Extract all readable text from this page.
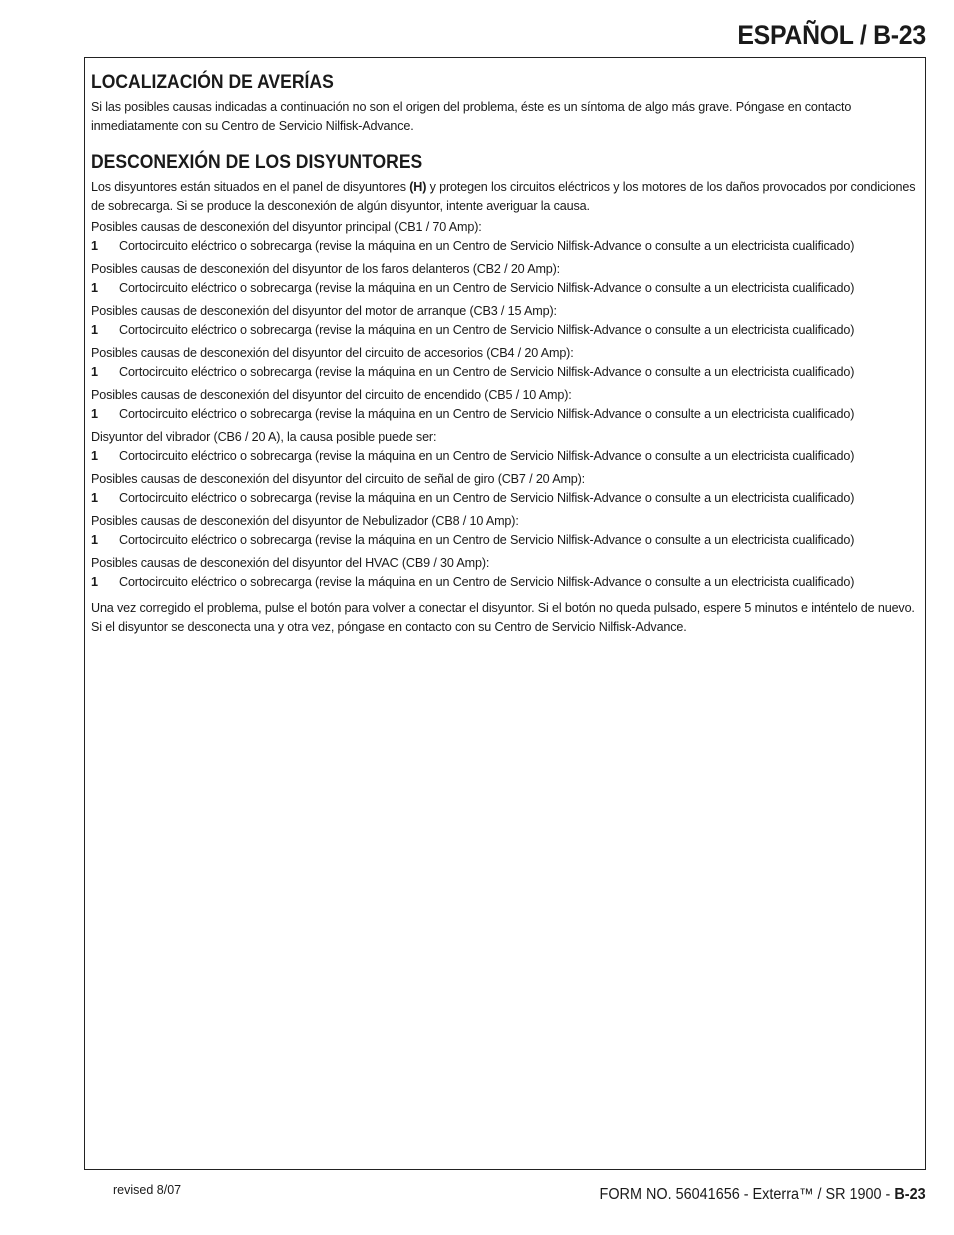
ESPAÑOL / B-23
LOCALIZACIÓN DE AVERÍAS

Si las posibles causas indicadas a continuación no son el origen del problema, éste es un síntoma de algo más grave. Póngase en contacto inmediatamente con su Centro de Servicio Nilfisk-Advance.

DESCONEXIÓN DE LOS DISYUNTORES

Los disyuntores están situados en el panel de disyuntores (H) y protegen los circuitos eléctricos y los motores de los daños provocados por condiciones de sobrecarga. Si se produce la desconexión de algún disyuntor, intente averiguar la causa.

Posibles causas de desconexión del disyuntor principal (CB1 / 70 Amp):
1	Cortocircuito eléctrico o sobrecarga (revise la máquina en un Centro de Servicio Nilfisk-Advance o consulte a un electricista cualificado)
Posibles causas de desconexión del disyuntor de los faros delanteros (CB2 / 20 Amp):
1	Cortocircuito eléctrico o sobrecarga (revise la máquina en un Centro de Servicio Nilfisk-Advance o consulte a un electricista cualificado)
Posibles causas de desconexión del disyuntor del motor de arranque (CB3 / 15 Amp):
1	Cortocircuito eléctrico o sobrecarga (revise la máquina en un Centro de Servicio Nilfisk-Advance o consulte a un electricista cualificado)
Posibles causas de desconexión del disyuntor del circuito de accesorios (CB4 / 20 Amp):
1	Cortocircuito eléctrico o sobrecarga (revise la máquina en un Centro de Servicio Nilfisk-Advance o consulte a un electricista cualificado)
Posibles causas de desconexión del disyuntor del circuito de encendido (CB5 / 10 Amp):
1	Cortocircuito eléctrico o sobrecarga (revise la máquina en un Centro de Servicio Nilfisk-Advance o consulte a un electricista cualificado)
Disyuntor del vibrador (CB6 / 20 A), la causa posible puede ser:
1	Cortocircuito eléctrico o sobrecarga (revise la máquina en un Centro de Servicio Nilfisk-Advance o consulte a un electricista cualificado)
Posibles causas de desconexión del disyuntor del circuito de señal de giro (CB7 / 20 Amp):
1	Cortocircuito eléctrico o sobrecarga (revise la máquina en un Centro de Servicio Nilfisk-Advance o consulte a un electricista cualificado)
Posibles causas de desconexión del disyuntor de Nebulizador (CB8 / 10 Amp):
1	Cortocircuito eléctrico o sobrecarga (revise la máquina en un Centro de Servicio Nilfisk-Advance o consulte a un electricista cualificado)
Posibles causas de desconexión del disyuntor del HVAC (CB9 / 30 Amp):
1	Cortocircuito eléctrico o sobrecarga (revise la máquina en un Centro de Servicio Nilfisk-Advance o consulte a un electricista cualificado)

Una vez corregido el problema, pulse el botón para volver a conectar el disyuntor. Si el botón no queda pulsado, espere 5 minutos e inténtelo de nuevo. Si el disyuntor se desconecta una y otra vez, póngase en contacto con su Centro de Servicio Nilfisk-Advance.

revised 8/07	FORM NO. 56041656 - Exterra™ / SR 1900 - B-23
